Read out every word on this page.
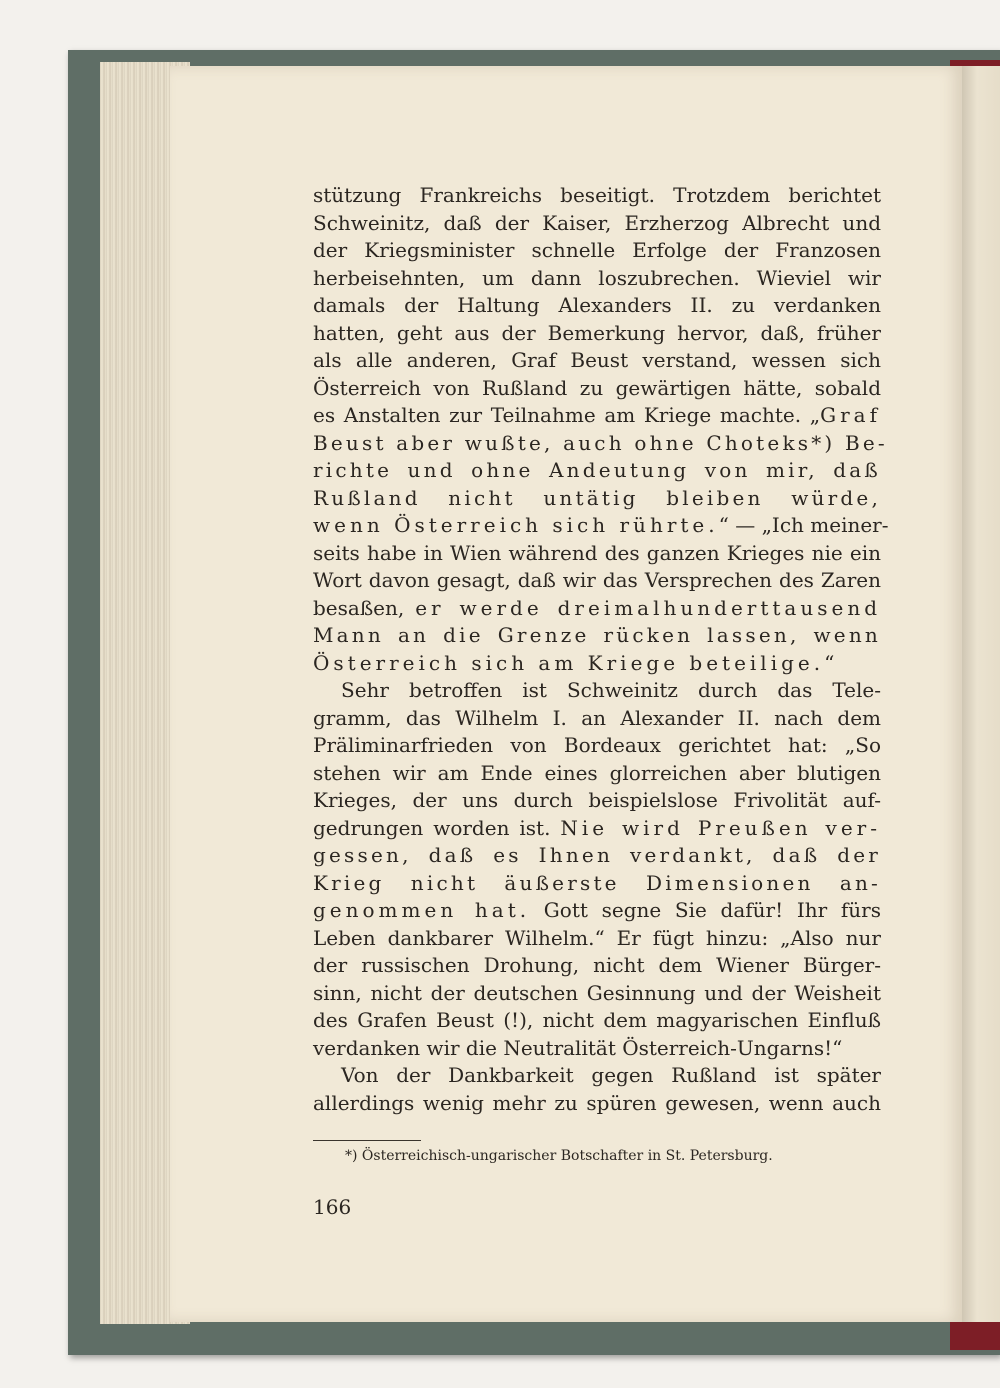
stützung Frankreichs beseitigt. Trotzdem berichtet
Schweinitz, daß der Kaiser, Erzherzog Albrecht und
der Kriegsminister schnelle Erfolge der Franzosen
herbeisehnten, um dann loszubrechen. Wieviel wir
damals der Haltung Alexanders II. zu verdanken
hatten, geht aus der Bemerkung hervor, daß, früher
als alle anderen, Graf Beust verstand, wessen sich
Österreich von Rußland zu gewärtigen hätte, sobald
es Anstalten zur Teilnahme am Kriege machte. „Graf
Beust aber wußte, auch ohne Choteks*) Be-
richte und ohne Andeutung von mir, daß
Rußland nicht untätig bleiben würde,
wenn Österreich sich rührte.“ — „Ich meiner-
seits habe in Wien während des ganzen Krieges nie ein
Wort davon gesagt, daß wir das Versprechen des Zaren
besaßen, er werde dreimalhunderttausend
Mann an die Grenze rücken lassen, wenn
Österreich sich am Kriege beteilige.“
Sehr betroffen ist Schweinitz durch das Tele-
gramm, das Wilhelm I. an Alexander II. nach dem
Präliminarfrieden von Bordeaux gerichtet hat: „So
stehen wir am Ende eines glorreichen aber blutigen
Krieges, der uns durch beispielslose Frivolität auf-
gedrungen worden ist. Nie wird Preußen ver-
gessen, daß es Ihnen verdankt, daß der
Krieg nicht äußerste Dimensionen an-
genommen hat. Gott segne Sie dafür! Ihr fürs
Leben dankbarer Wilhelm.“ Er fügt hinzu: „Also nur
der russischen Drohung, nicht dem Wiener Bürger-
sinn, nicht der deutschen Gesinnung und der Weisheit
des Grafen Beust (!), nicht dem magyarischen Einfluß
verdanken wir die Neutralität Österreich-Ungarns!“
Von der Dankbarkeit gegen Rußland ist später
allerdings wenig mehr zu spüren gewesen, wenn auch
*) Österreichisch-ungarischer Botschafter in St. Petersburg.
166
